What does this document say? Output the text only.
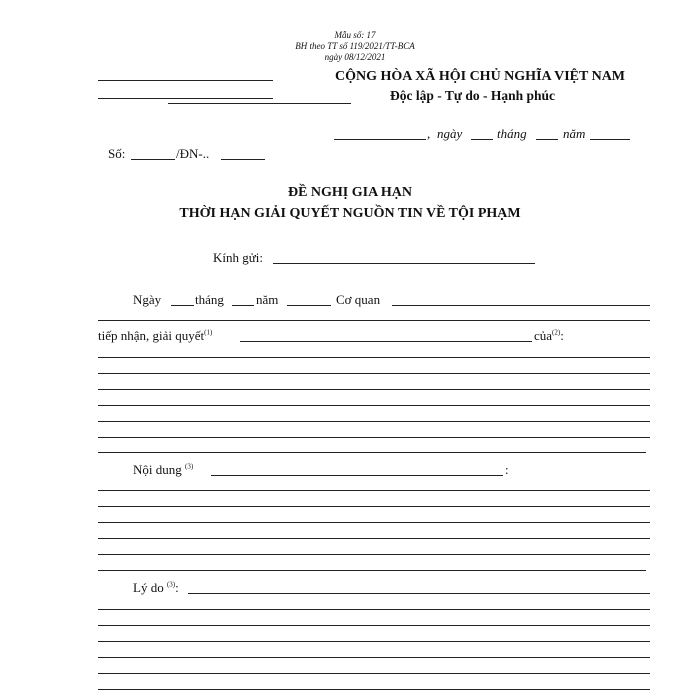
Mẫu số: 17
BH theo TT số 119/2021/TT-BCA
ngày 08/12/2021
CỘNG HÒA XÃ HỘI CHỦ NGHĨA VIỆT NAM
Độc lập - Tự do - Hạnh phúc
, ngày	tháng	năm
Số:	/ĐN-..
ĐỀ NGHỊ GIA HẠN
THỜI HẠN GIẢI QUYẾT NGUỒN TIN VỀ TỘI PHẠM
Kính gửi:
Ngày	tháng năm	Cơ quan
tiếp nhận, giải quyết$^{(1)}$	của$^{(2)}$:
Nội dung $^{(3)}$	:
Lý do $^{(3)}$:
